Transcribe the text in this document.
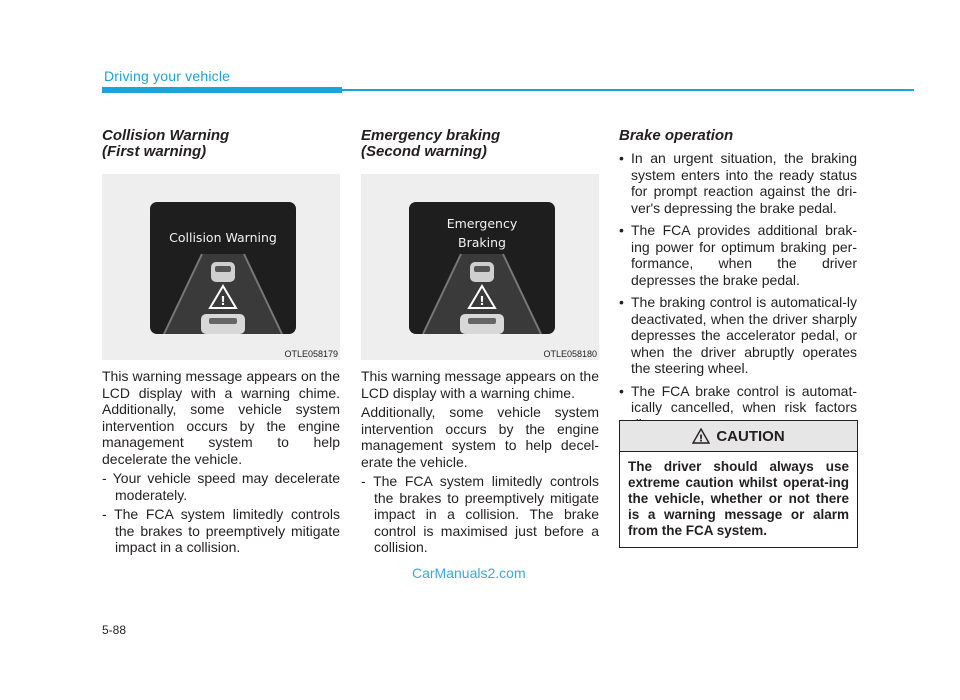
Driving your vehicle
Collision Warning
(First warning)
Collision Warning
!
OTLE058179

This warning message appears on the LCD display with a warning chime. Additionally, some vehicle system intervention occurs by the engine management system to help decelerate the vehicle.

- Your vehicle speed may decelerate moderately.

- The FCA system limitedly controls the brakes to preemptively mitigate impact in a collision.

Emergency braking
(Second warning)
Emergency
Braking
!
OTLE058180

This warning message appears on the LCD display with a warning chime.

Additionally, some vehicle system intervention occurs by the engine management system to help decel-erate the vehicle.

- The FCA system limitedly controls the brakes to preemptively mitigate impact in a collision. The brake control is maximised just before a collision.

Brake operation
• In an urgent situation, the braking system enters into the ready status for prompt reaction against the dri-ver's depressing the brake pedal.
• The FCA provides additional brak-ing power for optimum braking per-formance, when the driver depresses the brake pedal.
• The braking control is automatical-ly deactivated, when the driver sharply depresses the accelerator pedal, or when the driver abruptly operates the steering wheel.
• The FCA brake control is automat-ically cancelled, when risk factors
! CAUTION
The driver should always use extreme caution whilst operat-ing the vehicle, whether or not there is a warning message or alarm from the FCA system.
CarManuals2.com
5-88
